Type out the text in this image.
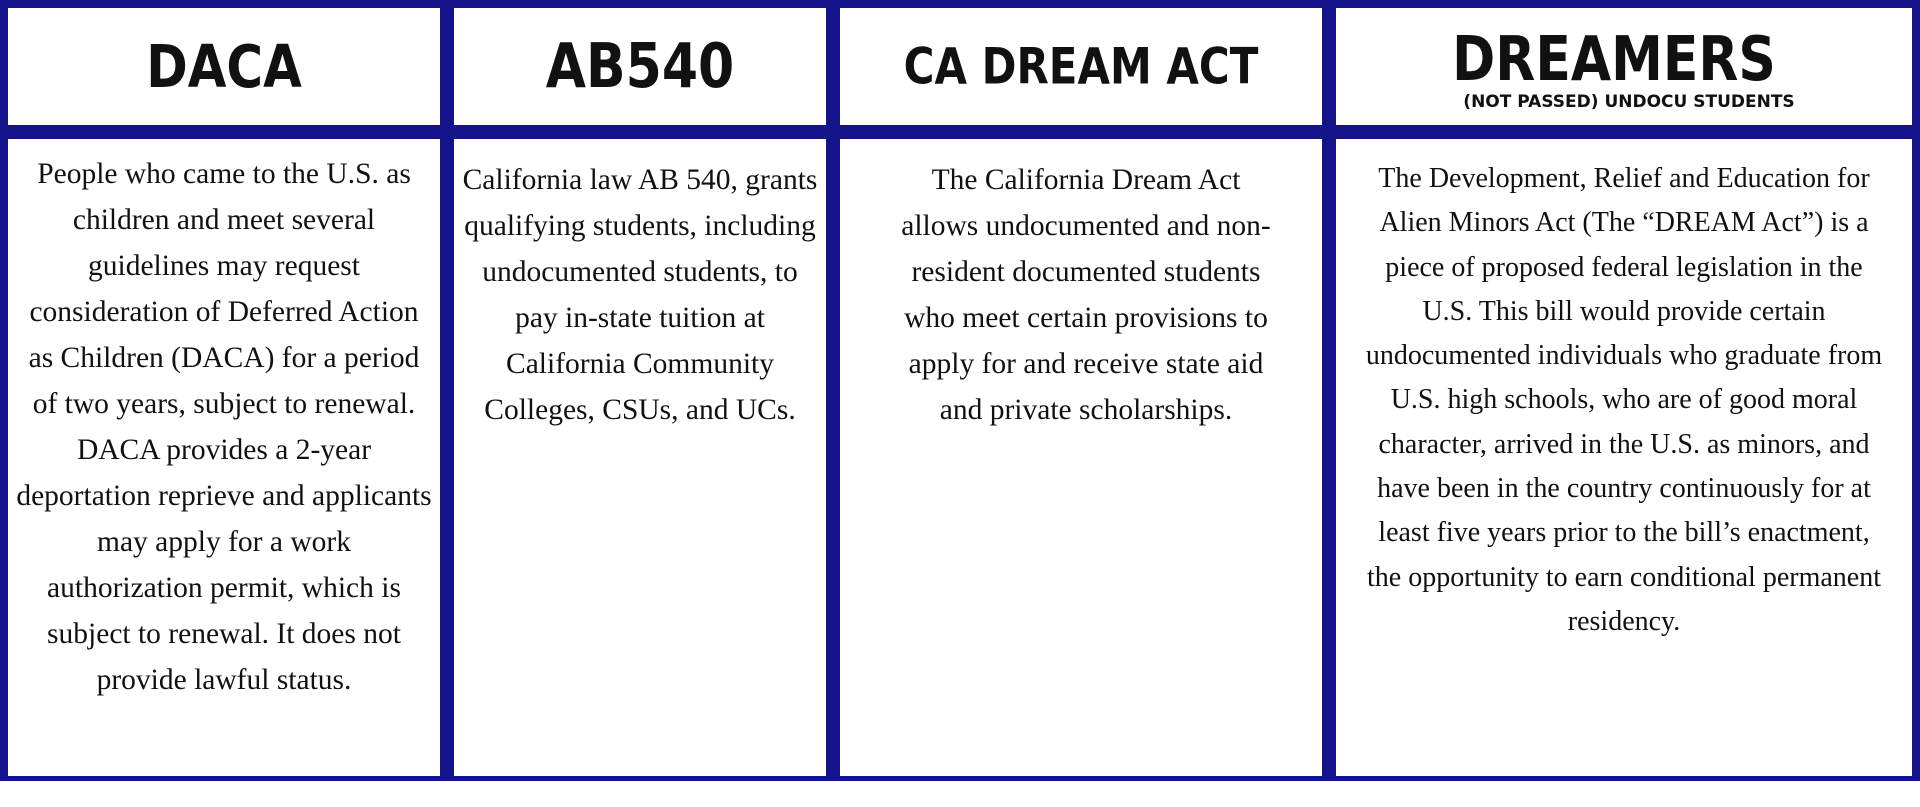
DACA

People who came to the U.S. as children and meet several guidelines may request consideration of Deferred Action as Children (DACA) for a period of two years, subject to renewal. DACA provides a 2-year deportation reprieve and applicants may apply for a work authorization permit, which is subject to renewal. It does not provide lawful status.

AB540

California law AB 540, grants qualifying students, including undocumented students, to pay in-state tuition at California Community Colleges, CSUs, and UCs.

CA DREAM ACT

The California Dream Act allows undocumented and non-resident documented students who meet certain provisions to apply for and receive state aid and private scholarships.

DREAMERS
(NOT PASSED) UNDOCU STUDENTS

The Development, Relief and Education for Alien Minors Act (The “DREAM Act”) is a piece of proposed federal legislation in the U.S. This bill would provide certain undocumented individuals who graduate from U.S. high schools, who are of good moral character, arrived in the U.S. as minors, and have been in the country continuously for at least five years prior to the bill’s enactment, the opportunity to earn conditional permanent residency.
